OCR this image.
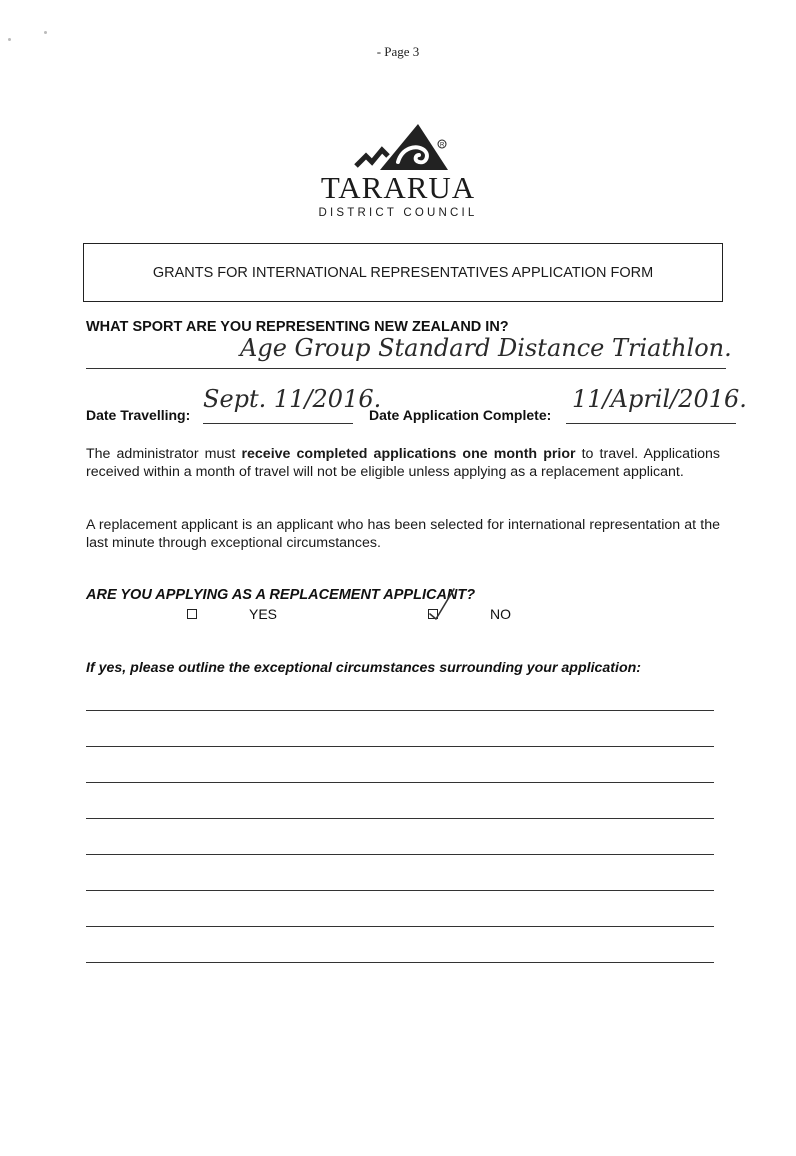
- Page 3
R
TARARUA
DISTRICT COUNCIL
GRANTS FOR INTERNATIONAL REPRESENTATIVES APPLICATION FORM
WHAT SPORT ARE YOU REPRESENTING NEW ZEALAND IN?
Age Group Standard Distance Triathlon.
Date Travelling:
Sept. 11/2016.
Date Application Complete:
11/April/2016.
The administrator must receive completed applications one month prior to travel. Applications received within a month of travel will not be eligible unless applying as a replacement applicant.
A replacement applicant is an applicant who has been selected for international representation at the last minute through exceptional circumstances.
ARE YOU APPLYING AS A REPLACEMENT APPLICANT?
YES	NO
If yes, please outline the exceptional circumstances surrounding your application:
